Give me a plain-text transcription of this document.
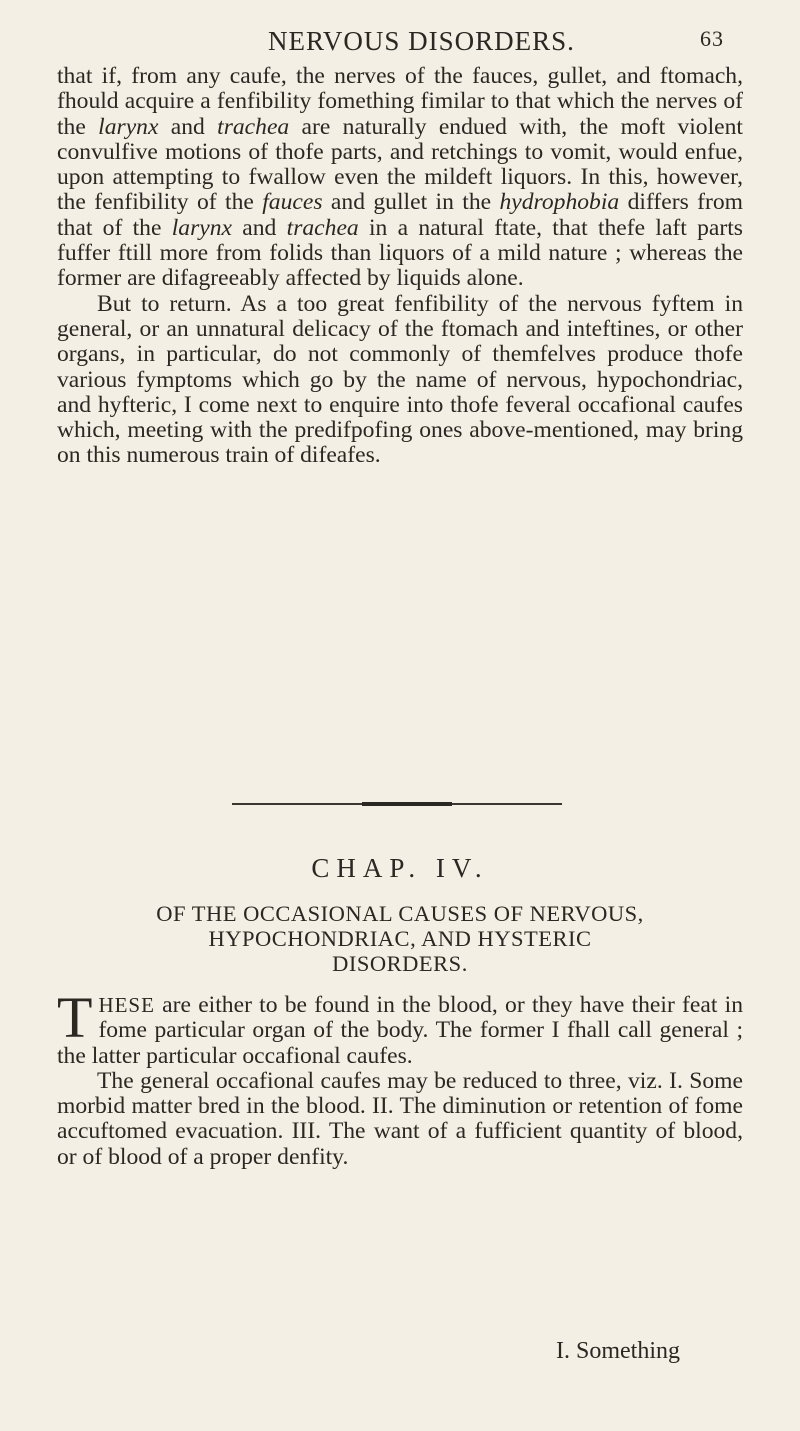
NERVOUS DISORDERS.	63

that if, from any caufe, the nerves of the fauces, gullet, and ftomach, fhould acquire a fenfibility fomething fimilar to that which the nerves of the larynx and trachea are naturally endued with, the moft violent convulfive motions of thofe parts, and retchings to vomit, would enfue, upon attempting to fwallow even the mildeft liquors. In this, however, the fenfibility of the fauces and gullet in the hydrophobia differs from that of the larynx and trachea in a natural ftate, that thefe laft parts fuffer ftill more from folids than liquors of a mild nature ; whereas the former are difagreeably affected by liquids alone.

But to return. As a too great fenfibility of the nervous fyftem in general, or an unnatural delicacy of the ftomach and inteftines, or other organs, in particular, do not commonly of themfelves produce thofe various fymptoms which go by the name of nervous, hypochondriac, and hyfteric, I come next to enquire into thofe feveral occafional caufes which, meeting with the predifpofing ones above-mentioned, may bring on this numerous train of difeafes.

CHAP. IV.
OF THE OCCASIONAL CAUSES OF NERVOUS,
HYPOCHONDRIAC, AND HYSTERIC
DISORDERS.

THESE are either to be found in the blood, or they have their feat in fome particular organ of the body. The former I fhall call general ; the latter particular occafional caufes.

The general occafional caufes may be reduced to three, viz. I. Some morbid matter bred in the blood. II. The diminution or retention of fome accuftomed evacuation. III. The want of a fufficient quantity of blood, or of blood of a proper denfity.

I. Something
